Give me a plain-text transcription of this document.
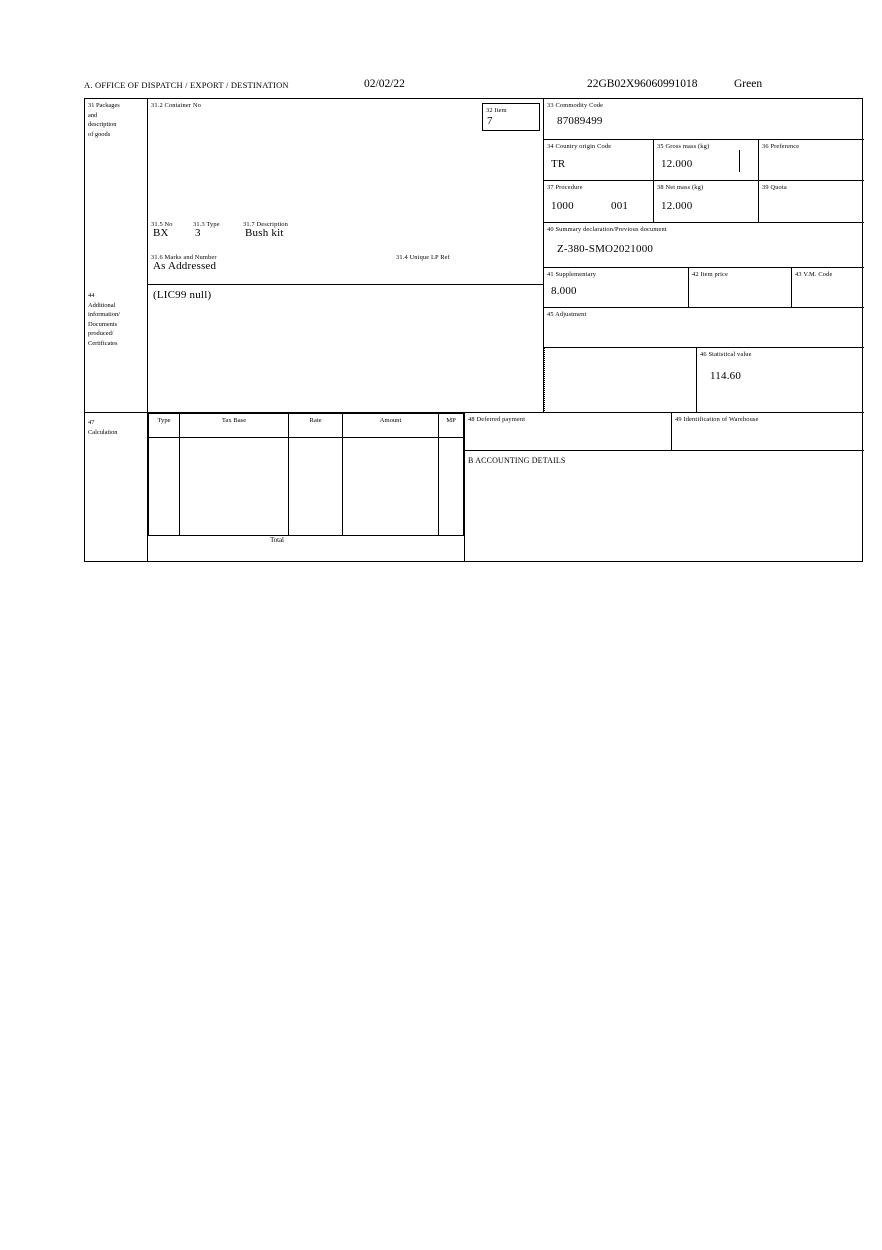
A. OFFICE OF DISPATCH / EXPORT / DESTINATION	02/02/22	22GB02X96060991018	Green
31 Packages
and
description
of goods
31.2 Container No
31.5 No	31.3 Type	31.7 Description
BX	3	Bush kit
31.6 Marks and Number	31.4 Unique LP Ref
As Addressed
32 Item
7
33 Commodity Code
87089499
34 Country origin Code
TR
35 Gross mass (kg)
12.000
36 Preference
37 Procedure
1000	001
38 Net mass (kg)
12.000
39 Quota
40 Summary declaration/Previous document
Z-380-SMO2021000
41 Supplementary
8.000
42 Item price	43 V.M. Code
44
Additional
information/
Documents
produced/
Certificates
(LIC99 null)
45 Adjustment
46 Statistical value
114.60
47
Calculation
Type	Tax Base	Rate	Amount	MP
Total
48 Deferred payment	49 Identification of Warehouse
B ACCOUNTING DETAILS
